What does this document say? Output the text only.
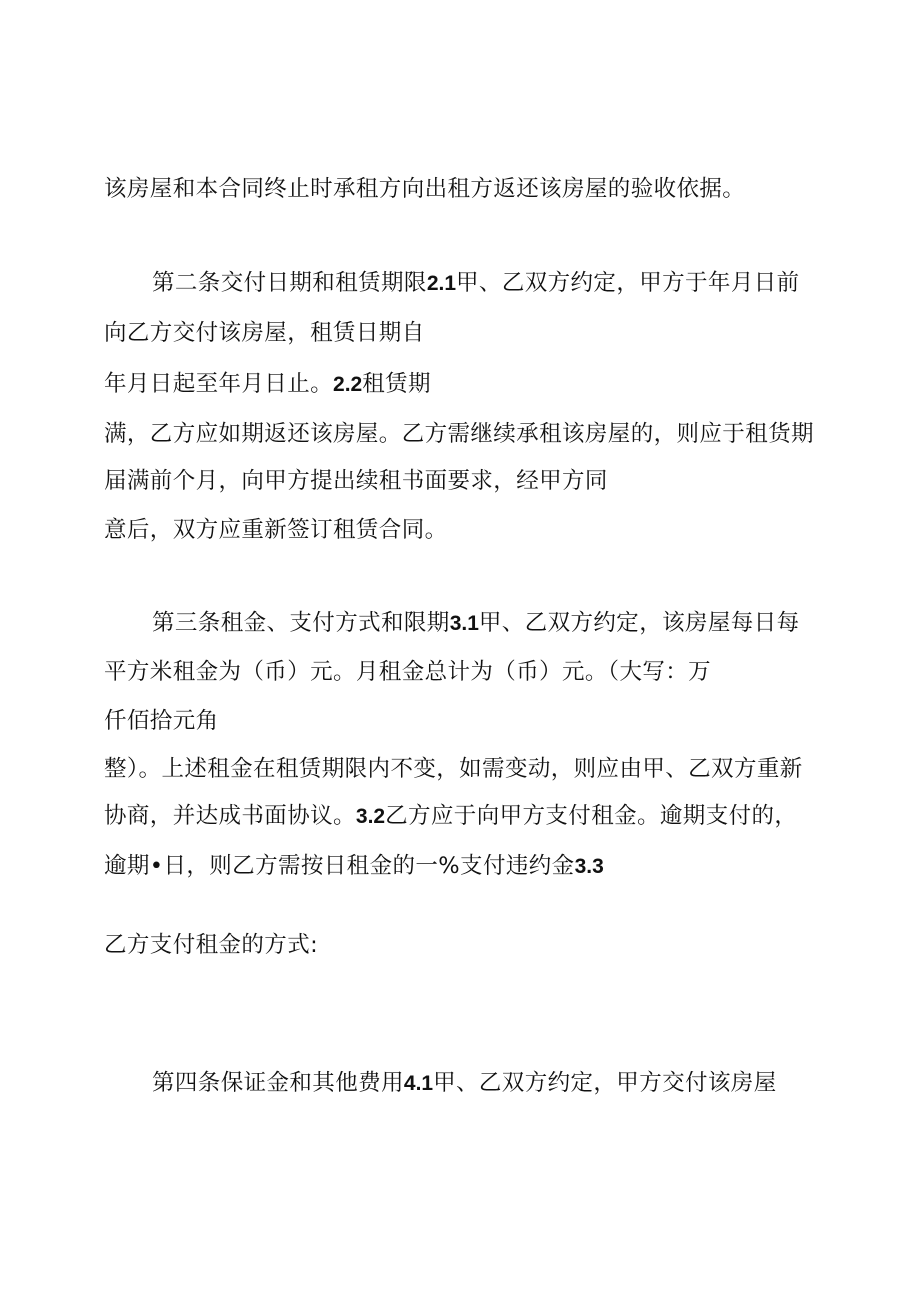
该房屋和本合同终止时承租方向出租方返还该房屋的验收依据。
第二条交付日期和租赁期限2.1甲、乙双方约定，甲方于年月日前
向乙方交付该房屋，租赁日期自
年月日起至年月日止。2.2租赁期
满，乙方应如期返还该房屋。乙方需继续承租该房屋的，则应于租货期
届满前个月，向甲方提出续租书面要求，经甲方同
意后，双方应重新签订租赁合同。
第三条租金、支付方式和限期3.1甲、乙双方约定，该房屋每日每
平方米租金为（币）元。月租金总计为（币）元。（大写：万
仟佰拾元角
整）。上述租金在租赁期限内不变，如需变动，则应由甲、乙双方重新
协商，并达成书面协议。3.2乙方应于向甲方支付租金。逾期支付的，
逾期•日，则乙方需按日租金的一%支付违约金3.3
乙方支付租金的方式:
第四条保证金和其他费用4.1甲、乙双方约定，甲方交付该房屋
